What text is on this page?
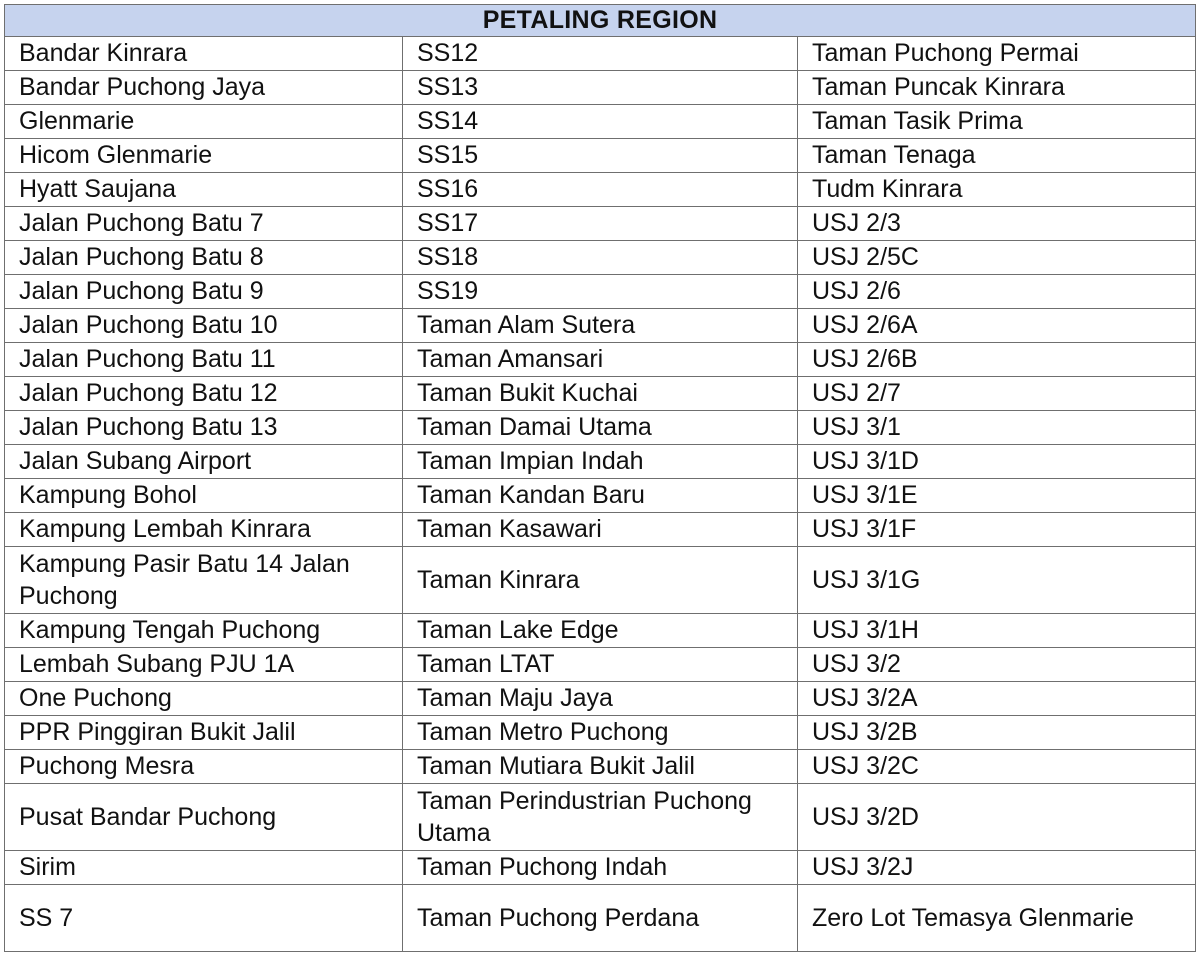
PETALING REGION		
Bandar Kinrara	SS12	Taman Puchong Permai
Bandar Puchong Jaya	SS13	Taman Puncak Kinrara
Glenmarie	SS14	Taman Tasik Prima
Hicom Glenmarie	SS15	Taman Tenaga
Hyatt Saujana	SS16	Tudm Kinrara
Jalan Puchong Batu 7	SS17	USJ 2/3
Jalan Puchong Batu 8	SS18	USJ 2/5C
Jalan Puchong Batu 9	SS19	USJ 2/6
Jalan Puchong Batu 10	Taman Alam Sutera	USJ 2/6A
Jalan Puchong Batu 11	Taman Amansari	USJ 2/6B
Jalan Puchong Batu 12	Taman Bukit Kuchai	USJ 2/7
Jalan Puchong Batu 13	Taman Damai Utama	USJ 3/1
Jalan Subang Airport	Taman Impian Indah	USJ 3/1D
Kampung Bohol	Taman Kandan Baru	USJ 3/1E
Kampung Lembah Kinrara	Taman Kasawari	USJ 3/1F
Kampung Pasir Batu 14 Jalan Puchong	Taman Kinrara	USJ 3/1G
Kampung Tengah Puchong	Taman Lake Edge	USJ 3/1H
Lembah Subang PJU 1A	Taman LTAT	USJ 3/2
One Puchong	Taman Maju Jaya	USJ 3/2A
PPR Pinggiran Bukit Jalil	Taman Metro Puchong	USJ 3/2B
Puchong Mesra	Taman Mutiara Bukit Jalil	USJ 3/2C
Pusat Bandar Puchong	Taman Perindustrian Puchong Utama	USJ 3/2D
Sirim	Taman Puchong Indah	USJ 3/2J
SS 7	Taman Puchong Perdana	Zero Lot Temasya Glenmarie
